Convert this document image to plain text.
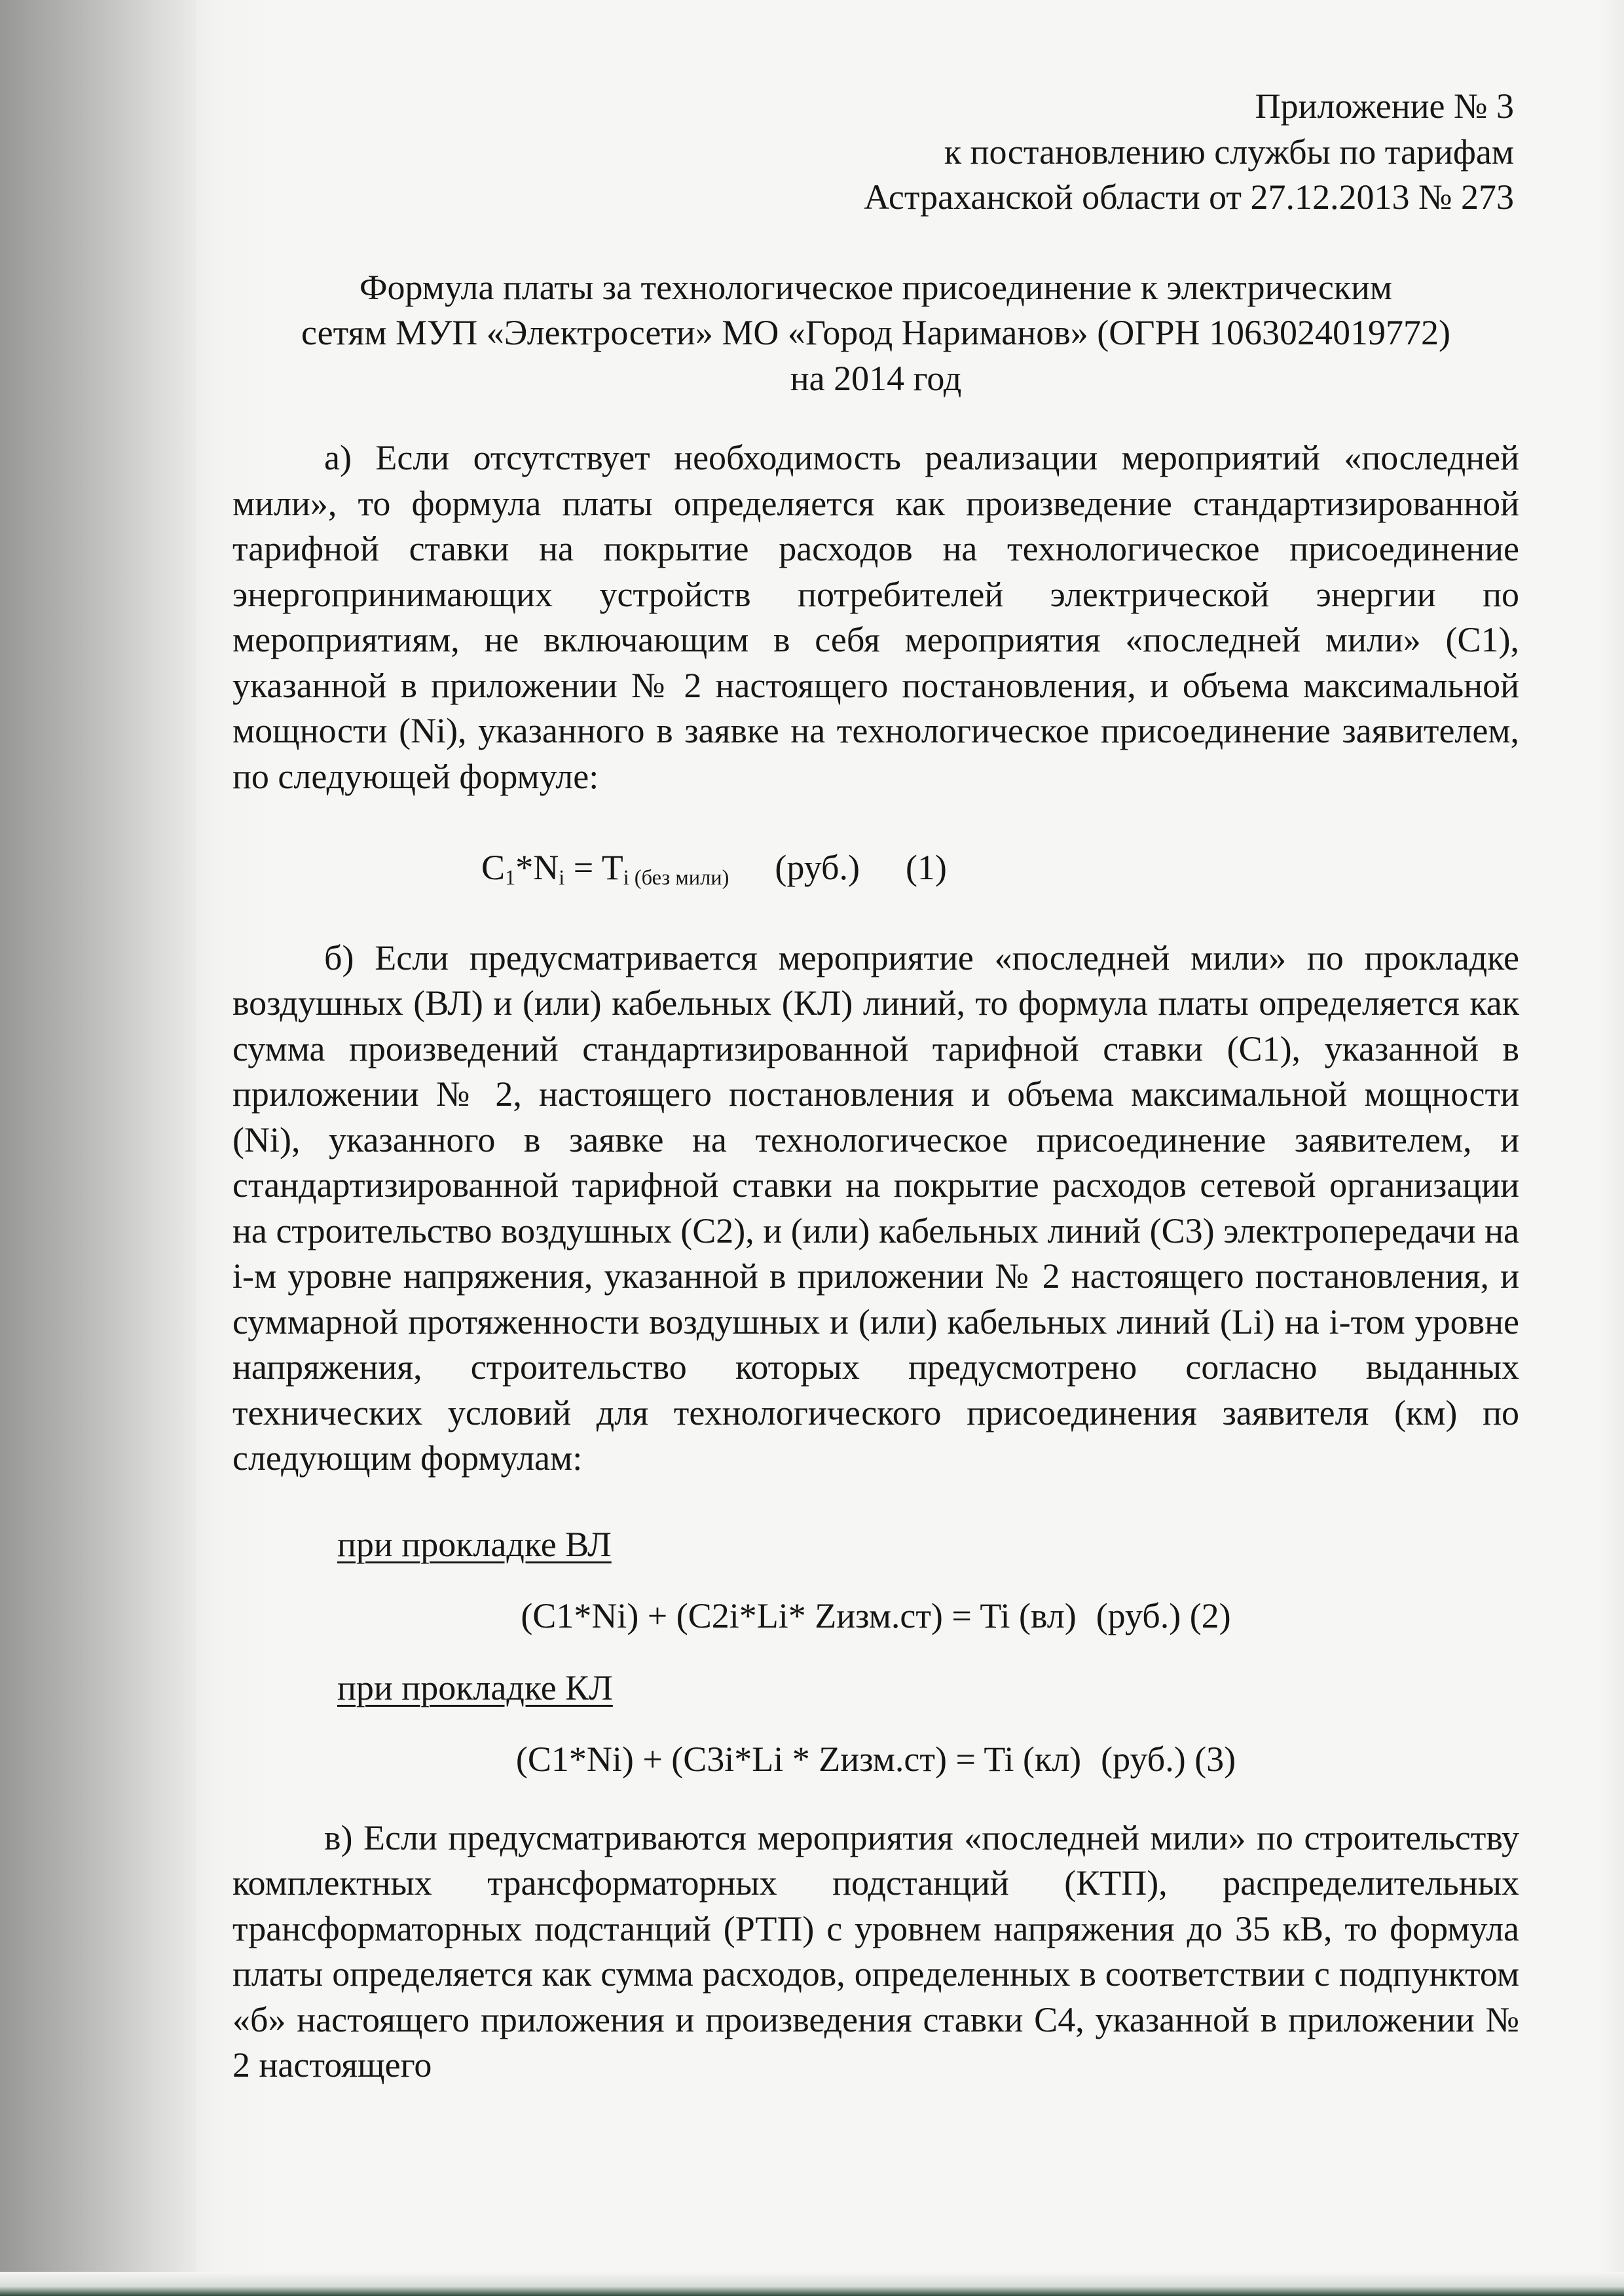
Приложение № 3
к постановлению службы по тарифам
Астраханской области от 27.12.2013 № 273
Формула платы за технологическое присоединение к электрическим
сетям МУП «Электросети» МО «Город Нариманов» (ОГРН 1063024019772)
на 2014 год

а) Если отсутствует необходимость реализации мероприятий «последней мили», то формула платы определяется как произведение стандартизированной тарифной ставки на покрытие расходов на технологическое присоединение энергопринимающих устройств потребителей электрической энергии по мероприятиям, не включающим в себя мероприятия «последней мили» (С1), указанной в приложении № 2 настоящего постановления, и объема максимальной мощности (Ni), указанного в заявке на технологическое присоединение заявителем, по следующей формуле:

$C_1*N_i = T_{i (без мили)}$ (руб.) (1)

б) Если предусматривается мероприятие «последней мили» по прокладке воздушных (ВЛ) и (или) кабельных (КЛ) линий, то формула платы определяется как сумма произведений стандартизированной тарифной ставки (С1), указанной в приложении № 2, настоящего постановления и объема максимальной мощности (Ni), указанного в заявке на технологическое присоединение заявителем, и стандартизированной тарифной ставки на покрытие расходов сетевой организации на строительство воздушных (С2), и (или) кабельных линий (С3) электропередачи на i-м уровне напряжения, указанной в приложении № 2 настоящего постановления, и суммарной протяженности воздушных и (или) кабельных линий (Li) на i-том уровне напряжения, строительство которых предусмотрено согласно выданных технических условий для технологического присоединения заявителя (км) по следующим формулам:

при прокладке ВЛ
(C1*Ni) + (C2i*Li* Zизм.ст) = Ti (вл) (руб.) (2)
при прокладке КЛ
(C1*Ni) + (C3i*Li * Zизм.ст) = Ti (кл) (руб.) (3)

в) Если предусматриваются мероприятия «последней мили» по строительству комплектных трансформаторных подстанций (КТП), распределительных трансформаторных подстанций (РТП) с уровнем напряжения до 35 кВ, то формула платы определяется как сумма расходов, определенных в соответствии с подпунктом «б» настоящего приложения и произведения ставки С4, указанной в приложении № 2 настоящего
